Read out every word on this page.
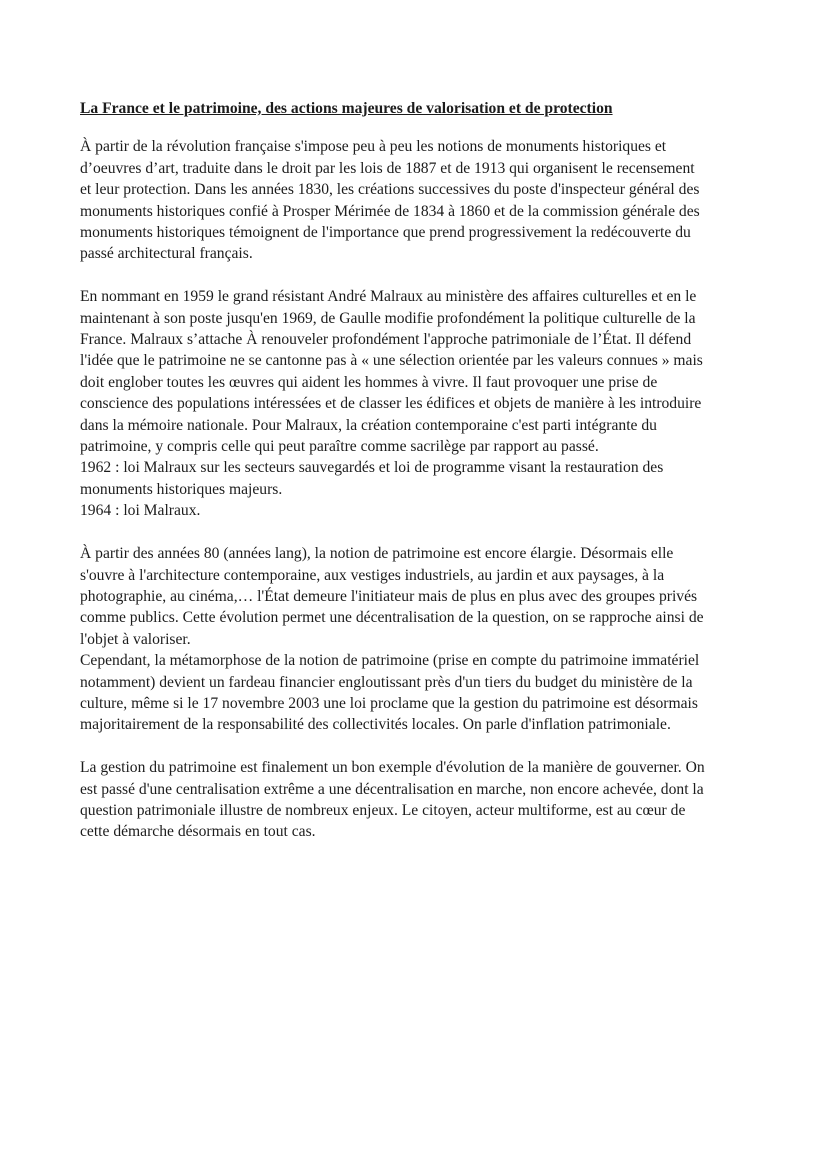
La France et le patrimoine, des actions majeures de valorisation et de protection
À partir de la révolution française s'impose peu à peu les notions de monuments historiques et
d’oeuvres d’art, traduite dans le droit par les lois de 1887 et de 1913 qui organisent le recensement
et leur protection. Dans les années 1830, les créations successives du poste d'inspecteur général des
monuments historiques confié à Prosper Mérimée de 1834 à 1860 et de la commission générale des
monuments historiques témoignent de l'importance que prend progressivement la redécouverte du
passé architectural français.
En nommant en 1959 le grand résistant André Malraux au ministère des affaires culturelles et en le
maintenant à son poste jusqu'en 1969, de Gaulle modifie profondément la politique culturelle de la
France. Malraux s’attache À renouveler profondément l'approche patrimoniale de l’État. Il défend
l'idée que le patrimoine ne se cantonne pas à « une sélection orientée par les valeurs connues » mais
doit englober toutes les œuvres qui aident les hommes à vivre. Il faut provoquer une prise de
conscience des populations intéressées et de classer les édifices et objets de manière à les introduire
dans la mémoire nationale. Pour Malraux, la création contemporaine c'est parti intégrante du
patrimoine, y compris celle qui peut paraître comme sacrilège par rapport au passé.
1962 : loi Malraux sur les secteurs sauvegardés et loi de programme visant la restauration des
monuments historiques majeurs.
1964 : loi Malraux.
À partir des années 80 (années lang), la notion de patrimoine est encore élargie. Désormais elle
s'ouvre à l'architecture contemporaine, aux vestiges industriels, au jardin et aux paysages, à la
photographie, au cinéma,… l'État demeure l'initiateur mais de plus en plus avec des groupes privés
comme publics. Cette évolution permet une décentralisation de la question, on se rapproche ainsi de
l'objet à valoriser.
Cependant, la métamorphose de la notion de patrimoine (prise en compte du patrimoine immatériel
notamment) devient un fardeau financier engloutissant près d'un tiers du budget du ministère de la
culture, même si le 17 novembre 2003 une loi proclame que la gestion du patrimoine est désormais
majoritairement de la responsabilité des collectivités locales. On parle d'inflation patrimoniale.
La gestion du patrimoine est finalement un bon exemple d'évolution de la manière de gouverner. On
est passé d'une centralisation extrême a une décentralisation en marche, non encore achevée, dont la
question patrimoniale illustre de nombreux enjeux. Le citoyen, acteur multiforme, est au cœur de
cette démarche désormais en tout cas.
